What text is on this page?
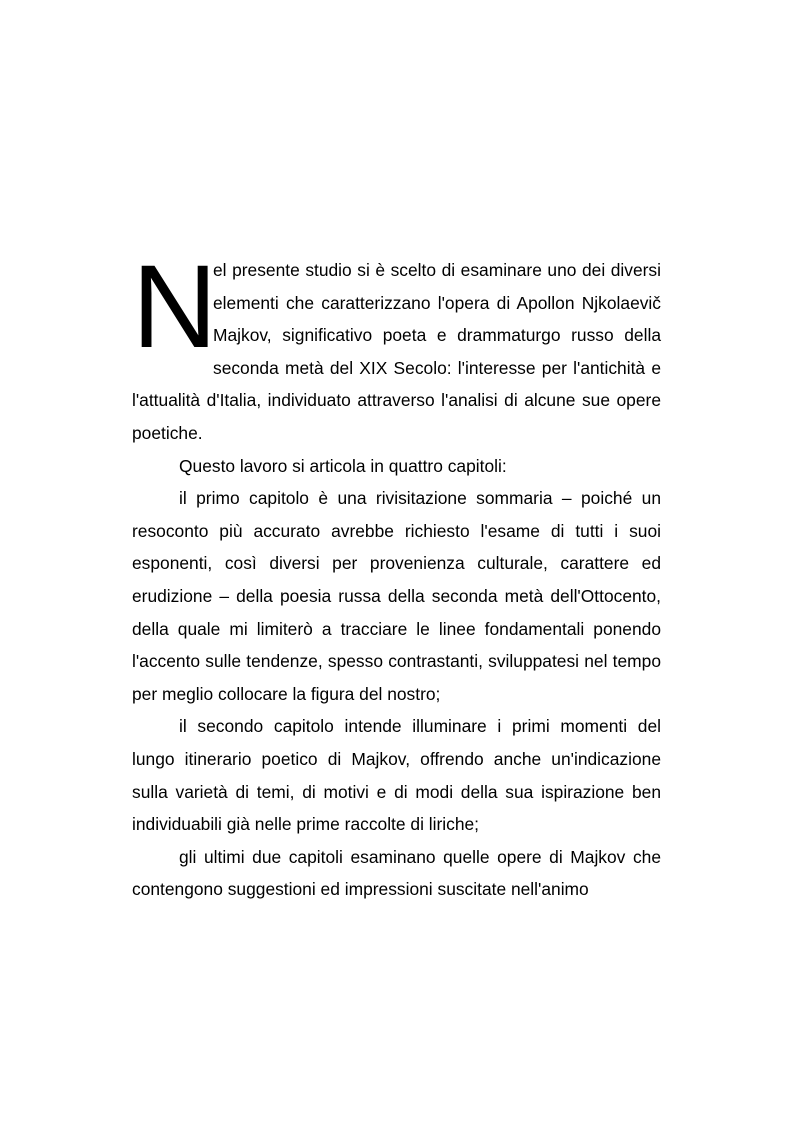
N
el presente studio si è scelto di esaminare uno dei diversi elementi che caratterizzano l'opera di Apollon Njkolaevič Majkov, significativo poeta e drammaturgo russo della seconda metà del XIX Secolo: l'interesse per l'antichità e l'attualità d'Italia, individuato attraverso l'analisi di alcune sue opere poetiche.

Questo lavoro si articola in quattro capitoli:

il primo capitolo è una rivisitazione sommaria – poiché un resoconto più accurato avrebbe richiesto l'esame di tutti i suoi esponenti, così diversi per provenienza culturale, carattere ed erudizione – della poesia russa della seconda metà dell'Ottocento, della quale mi limiterò a tracciare le linee fondamentali ponendo l'accento sulle tendenze, spesso contrastanti, sviluppatesi nel tempo per meglio collocare la figura del nostro;

il secondo capitolo intende illuminare i primi momenti del lungo itinerario poetico di Majkov, offrendo anche un'indicazione sulla varietà di temi, di motivi e di modi della sua ispirazione ben individuabili già nelle prime raccolte di liriche;

gli ultimi due capitoli esaminano quelle opere di Majkov che contengono suggestioni ed impressioni suscitate nell'animo
